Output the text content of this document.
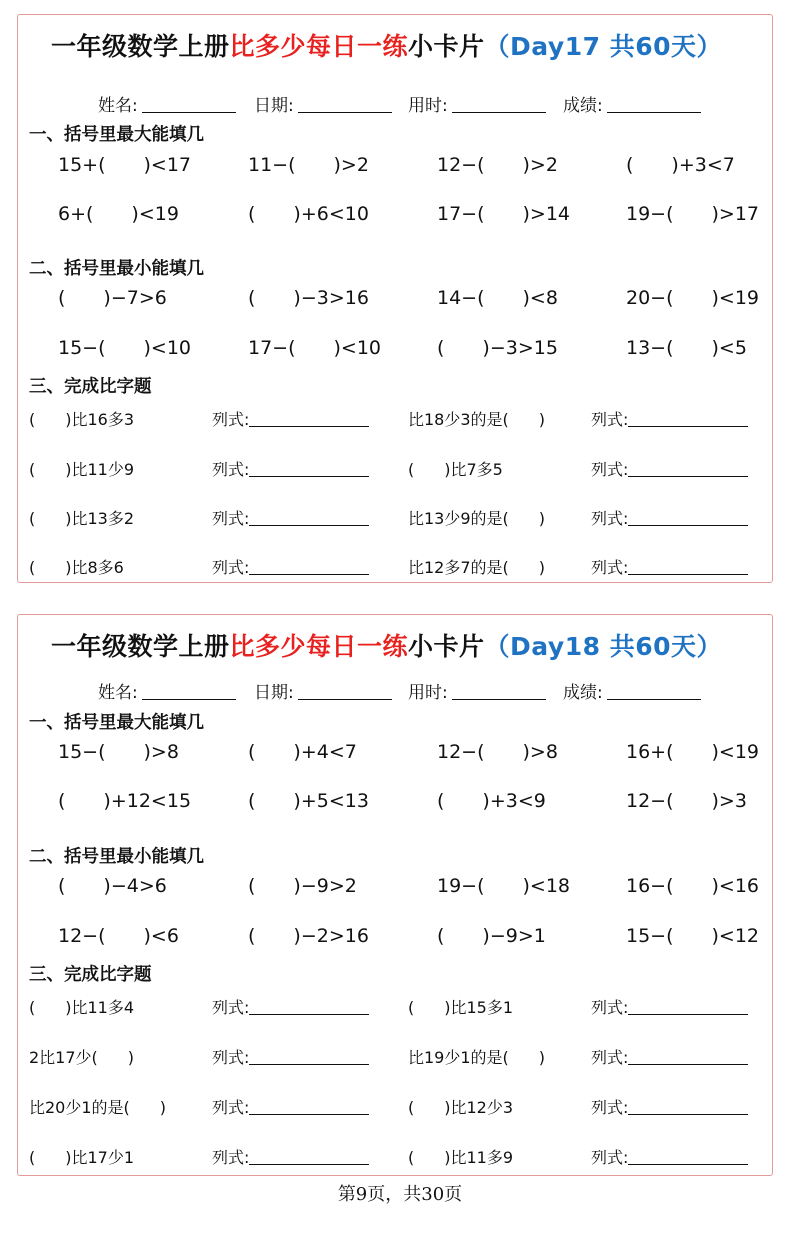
一年级数学上册比多少每日一练小卡片（Day17 共60天）
姓名:	日期:	用时:	成绩:
一、括号里最大能填几
15+( )<17	11−( )>2	12−( )>2	( )+3<7
6+( )<19	( )+6<10	17−( )>14	19−( )>17
二、括号里最小能填几
( )−7>6	( )−3>16	14−( )<8	20−( )<19
15−( )<10	17−( )<10	( )−3>15	13−( )<5
三、完成比字题
( )比16多3	列式:	比18少3的是( )	列式:
( )比11少9	列式:	( )比7多5	列式:
( )比13多2	列式:	比13少9的是( )	列式:
( )比8多6	列式:	比12多7的是( )	列式:
一年级数学上册比多少每日一练小卡片（Day18 共60天）
姓名:	日期:	用时:	成绩:
一、括号里最大能填几
15−( )>8	( )+4<7	12−( )>8	16+( )<19
( )+12<15	( )+5<13	( )+3<9	12−( )>3
二、括号里最小能填几
( )−4>6	( )−9>2	19−( )<18	16−( )<16
12−( )<6	( )−2>16	( )−9>1	15−( )<12
三、完成比字题
( )比11多4	列式:	( )比15多1	列式:
2比17少( )	列式:	比19少1的是( )	列式:
比20少1的是( )	列式:	( )比12少3	列式:
( )比17少1	列式:	( )比11多9	列式:
第9页，共30页
